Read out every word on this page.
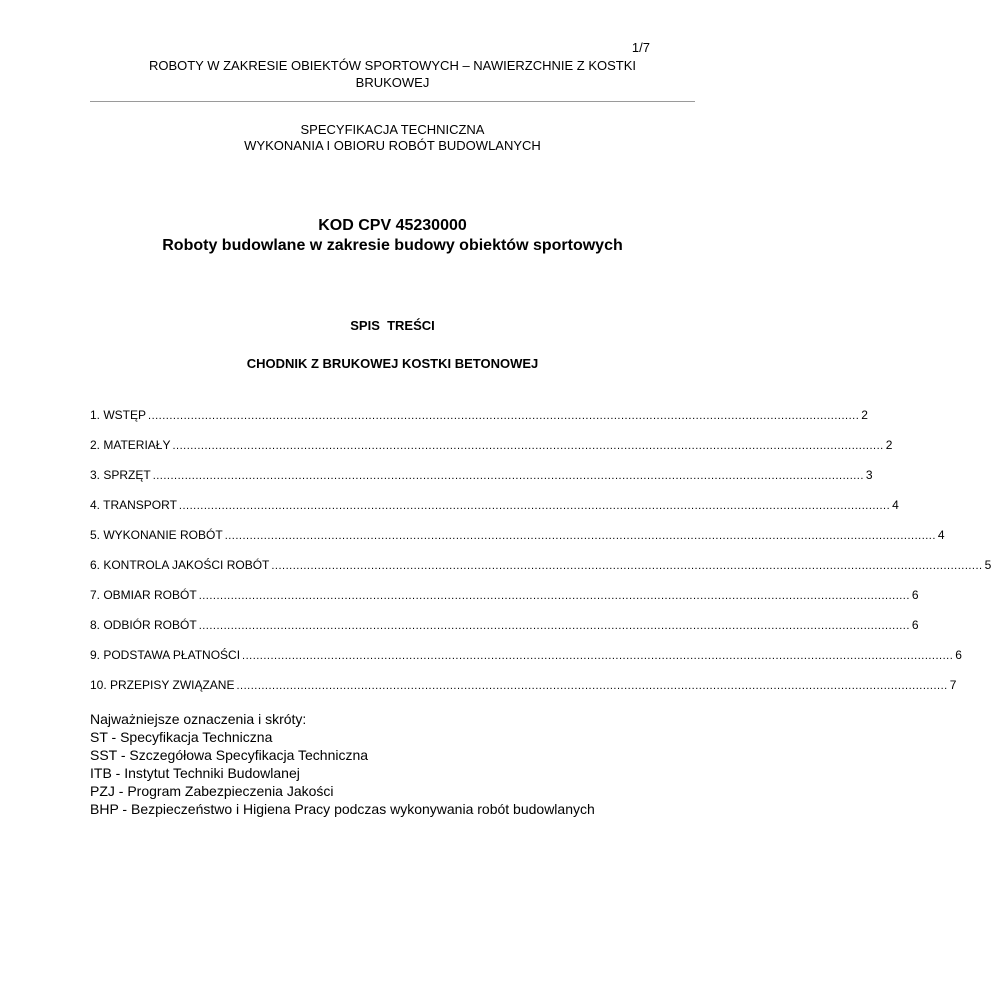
1/7
ROBOTY W ZAKRESIE OBIEKTÓW SPORTOWYCH – NAWIERZCHNIE Z KOSTKI
BRUKOWEJ
SPECYFIKACJA TECHNICZNA
WYKONANIA I OBIORU ROBÓT BUDOWLANYCH
KOD CPV 45230000
Roboty budowlane w zakresie budowy obiektów sportowych
SPIS  TREŚCI
CHODNIK Z BRUKOWEJ KOSTKI BETONOWEJ
1. WSTĘP ........................................................................................................................................................................................................ 2
2. MATERIAŁY ........................................................................................................................................................................................................ 2
3. SPRZĘT ........................................................................................................................................................................................................ 3
4. TRANSPORT ........................................................................................................................................................................................................ 4
5. WYKONANIE ROBÓT ........................................................................................................................................................................................................ 4
6. KONTROLA JAKOŚCI ROBÓT ........................................................................................................................................................................................................ 5
7. OBMIAR ROBÓT ........................................................................................................................................................................................................ 6
8. ODBIÓR ROBÓT ........................................................................................................................................................................................................ 6
9. PODSTAWA PŁATNOŚCI ........................................................................................................................................................................................................ 6
10. PRZEPISY ZWIĄZANE ........................................................................................................................................................................................................ 7
Najważniejsze oznaczenia i skróty:
ST - Specyfikacja Techniczna
SST - Szczegółowa Specyfikacja Techniczna
ITB - Instytut Techniki Budowlanej
PZJ - Program Zabezpieczenia Jakości
BHP - Bezpieczeństwo i Higiena Pracy podczas wykonywania robót budowlanych
